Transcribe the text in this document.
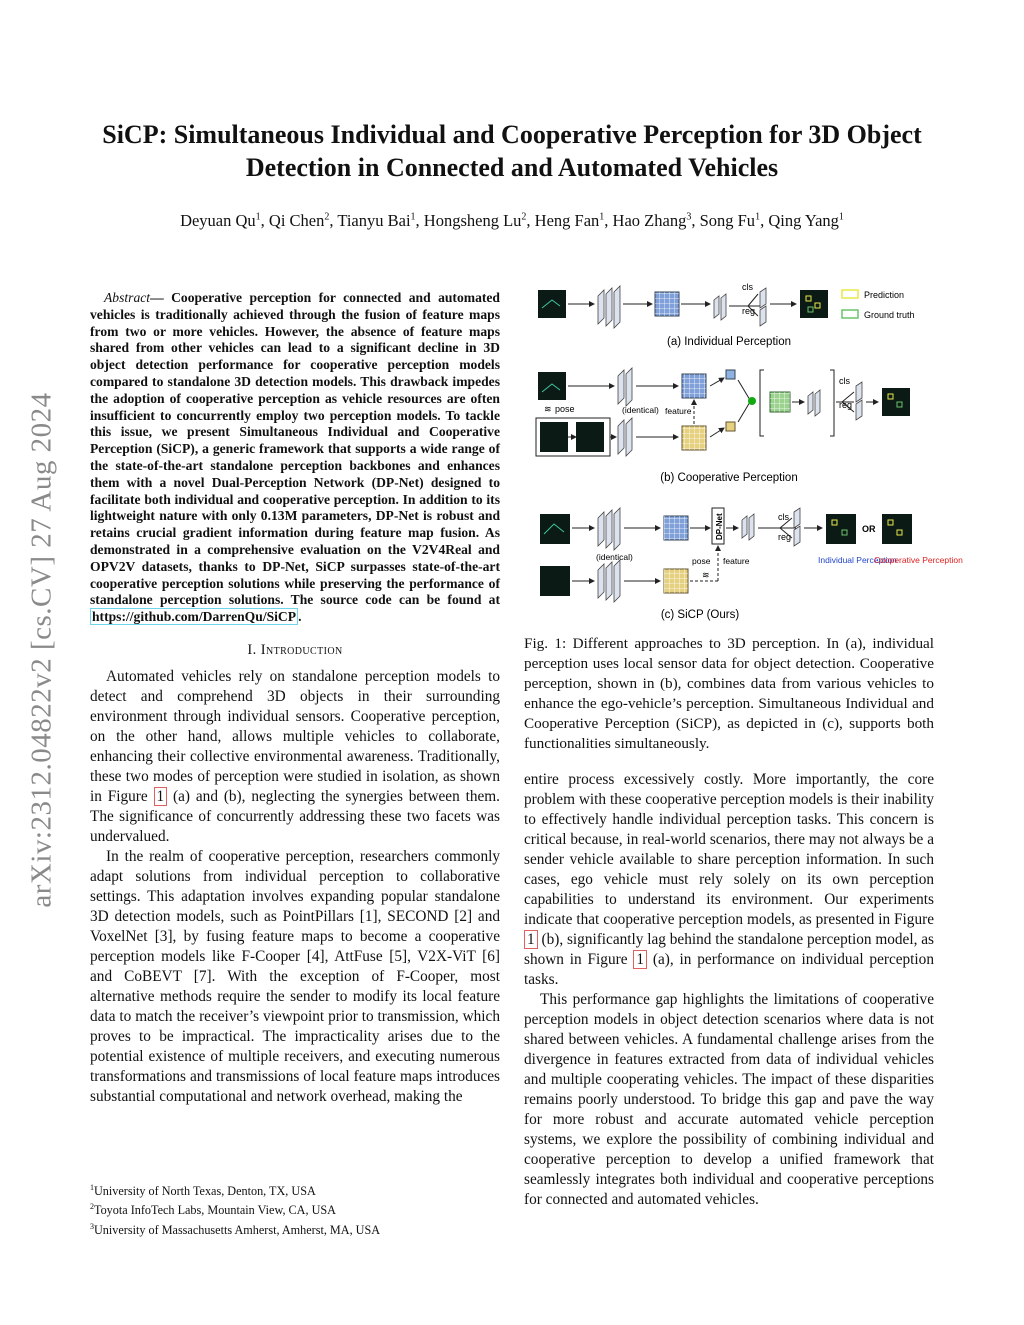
arXiv:2312.04822v2 [cs.CV] 27 Aug 2024
SiCP: Simultaneous Individual and Cooperative Perception for 3D Object Detection in Connected and Automated Vehicles
Deyuan Qu$^1$, Qi Chen$^2$, Tianyu Bai$^1$, Hongsheng Lu$^2$, Heng Fan$^1$, Hao Zhang$^3$, Song Fu$^1$, Qing Yang$^1$

Abstract— Cooperative perception for connected and automated vehicles is traditionally achieved through the fusion of feature maps from two or more vehicles. However, the absence of feature maps shared from other vehicles can lead to a significant decline in 3D object detection performance for cooperative perception models compared to standalone 3D detection models. This drawback impedes the adoption of cooperative perception as vehicle resources are often insufficient to concurrently employ two perception models. To tackle this issue, we present Simultaneous Individual and Cooperative Perception (SiCP), a generic framework that supports a wide range of the state-of-the-art standalone perception backbones and enhances them with a novel Dual-Perception Network (DP-Net) designed to facilitate both individual and cooperative perception. In addition to its lightweight nature with only 0.13M parameters, DP-Net is robust and retains crucial gradient information during feature map fusion. As demonstrated in a comprehensive evaluation on the V2V4Real and OPV2V datasets, thanks to DP-Net, SiCP surpasses state-of-the-art cooperative perception solutions while preserving the performance of standalone perception solutions. The source code can be found at https://github.com/DarrenQu/SiCP .

I. Introduction

Automated vehicles rely on standalone perception models to detect and comprehend 3D objects in their surrounding environment through individual sensors. Cooperative perception, on the other hand, allows multiple vehicles to collaborate, enhancing their collective environmental awareness. Traditionally, these two modes of perception were studied in isolation, as shown in Figure 1 (a) and (b), neglecting the synergies between them. The significance of concurrently addressing these two facets was undervalued.

In the realm of cooperative perception, researchers commonly adapt solutions from individual perception to collaborative settings. This adaptation involves expanding popular standalone 3D detection models, such as PointPillars [1], SECOND [2] and VoxelNet [3], by fusing feature maps to become a cooperative perception models like F-Cooper [4], AttFuse [5], V2X-ViT [6] and CoBEVT [7]. With the exception of F-Cooper, most alternative methods require the sender to modify its local feature data to match the receiver’s viewpoint prior to transmission, which proves to be impractical. The impracticality arises due to the potential existence of multiple receivers, and executing numerous transformations and transmissions of local feature maps introduces substantial computational and network overhead, making the

$^1$University of North Texas, Denton, TX, USA
$^2$Toyota InfoTech Labs, Mountain View, CA, USA
$^3$University of Massachusetts Amherst, Amherst, MA, USA
cls
reg
Prediction
Ground truth
(a) Individual Perception
≋ pose	(identical) feature
cls
reg
(b) Cooperative Perception
(identical)	pose feature
≋
DP-Net	cls
reg
OR
Individual Perception
Cooperative Perception
(c) SiCP (Ours)

Fig. 1: Different approaches to 3D perception. In (a), individual perception uses local sensor data for object detection. Cooperative perception, shown in (b), combines data from various vehicles to enhance the ego-vehicle’s perception. Simultaneous Individual and Cooperative Perception (SiCP), as depicted in (c), supports both functionalities simultaneously.

entire process excessively costly. More importantly, the core problem with these cooperative perception models is their inability to effectively handle individual perception tasks. This concern is critical because, in real-world scenarios, there may not always be a sender vehicle available to share perception information. In such cases, ego vehicle must rely solely on its own perception capabilities to understand its environment. Our experiments indicate that cooperative perception models, as presented in Figure 1 (b), significantly lag behind the standalone perception model, as shown in Figure 1 (a), in performance on individual perception tasks.

This performance gap highlights the limitations of cooperative perception models in object detection scenarios where data is not shared between vehicles. A fundamental challenge arises from the divergence in features extracted from data of individual vehicles and multiple cooperating vehicles. The impact of these disparities remains poorly understood. To bridge this gap and pave the way for more robust and accurate automated vehicle perception systems, we explore the possibility of combining individual and cooperative perception to develop a unified framework that seamlessly integrates both individual and cooperative perceptions for connected and automated vehicles.
